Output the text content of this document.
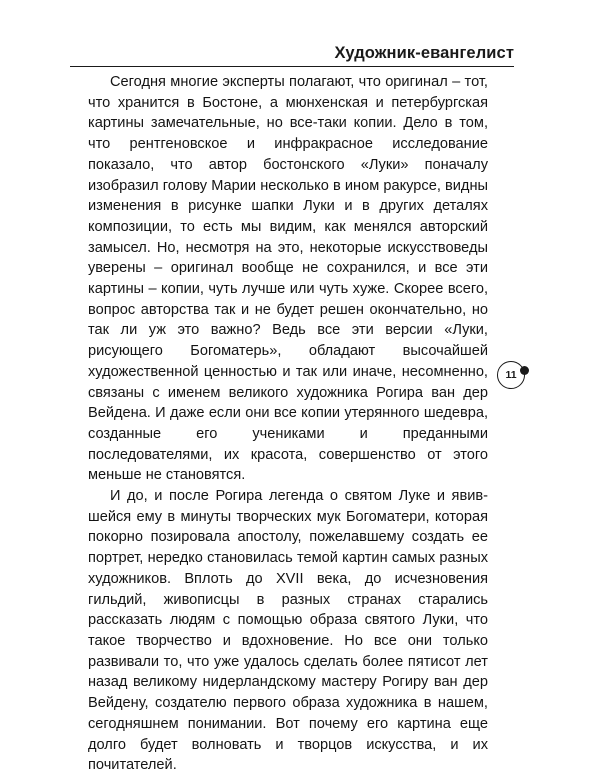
Художник-евангелист

Сегодня многие эксперты полагают, что оригинал – тот, что хранится в Бостоне, а мюнхенская и петербургская картины замечательные, но все-таки копии. Дело в том, что рентгеновское и инфракрасное исследование показало, что автор бостонского «Луки» поначалу изобразил голову Марии несколько в ином ракурсе, видны изменения в рисунке шапки Луки и в других деталях композиции, то есть мы видим, как менялся авторский замысел. Но, несмотря на это, некоторые искусствоведы уверены – оригинал вообще не сохранился, и все эти картины – копии, чуть лучше или чуть хуже. Скорее всего, вопрос авторства так и не будет решен окончательно, но так ли уж это важно? Ведь все эти версии «Луки, рисующего Богоматерь», обладают высочайшей художественной ценностью и так или иначе, несомненно, связаны с именем великого художника Рогира ван дер Вейдена. И даже если они все копии утерянного шедевра, созданные его учениками и преданными последователями, их красота, совершенство от этого меньше не становятся.

И до, и после Рогира легенда о святом Луке и явившейся ему в минуты творческих мук Богоматери, которая покорно позировала апостолу, пожелавшему создать ее портрет, нередко становилась темой картин самых разных художников. Вплоть до XVII века, до исчезновения гильдий, живописцы в разных странах старались рассказать людям с помощью образа святого Луки, что такое творчество и вдохновение. Но все они только развивали то, что уже удалось сделать более пятисот лет назад великому нидерландскому мастеру Рогиру ван дер Вейдену, создателю первого образа художника в нашем, сегодняшнем понимании. Вот почему его картина еще долго будет волновать и творцов искусства, и их почитателей.

11
